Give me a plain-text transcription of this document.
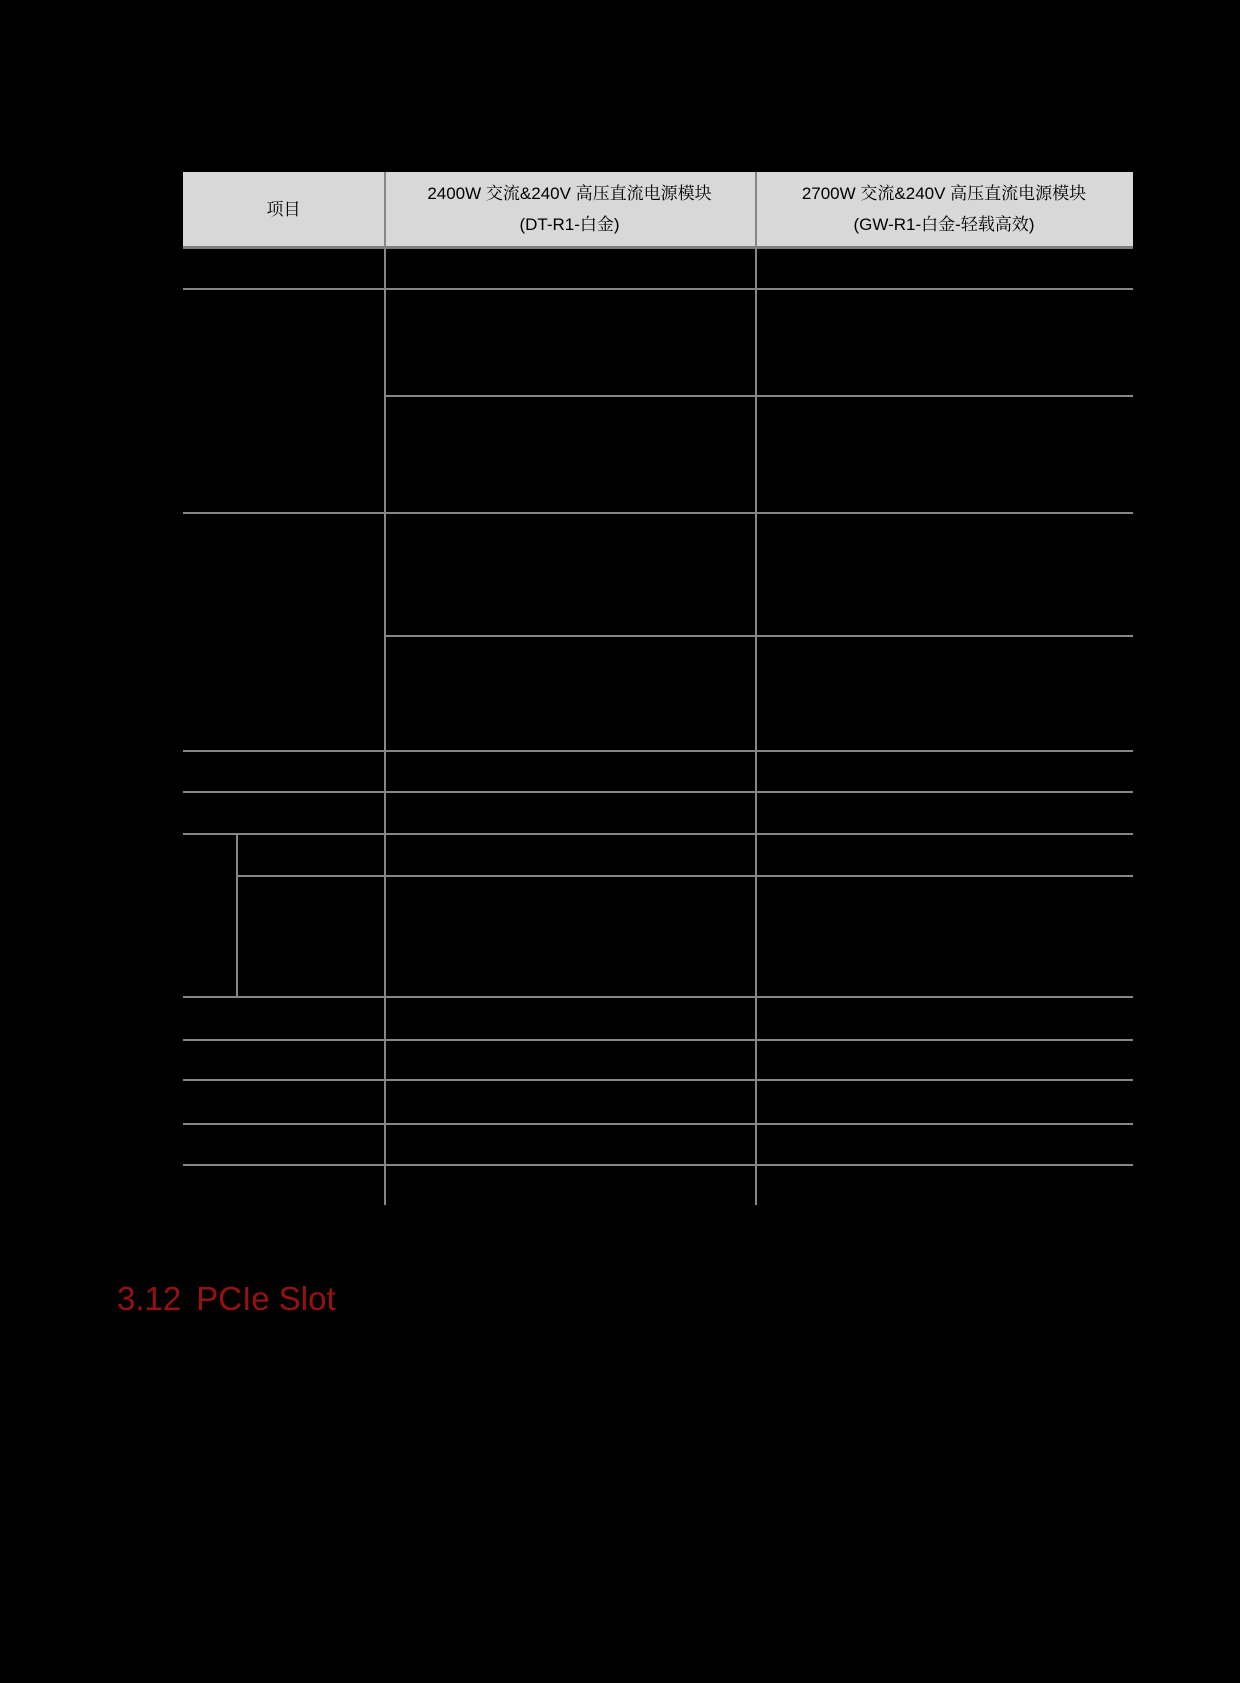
项目
2400W 交流&240V 高压直流电源模块
(DT-R1-白金)
2700W 交流&240V 高压直流电源模块
(GW-R1-白金-轻载高效)
3.12 PCIe Slot
